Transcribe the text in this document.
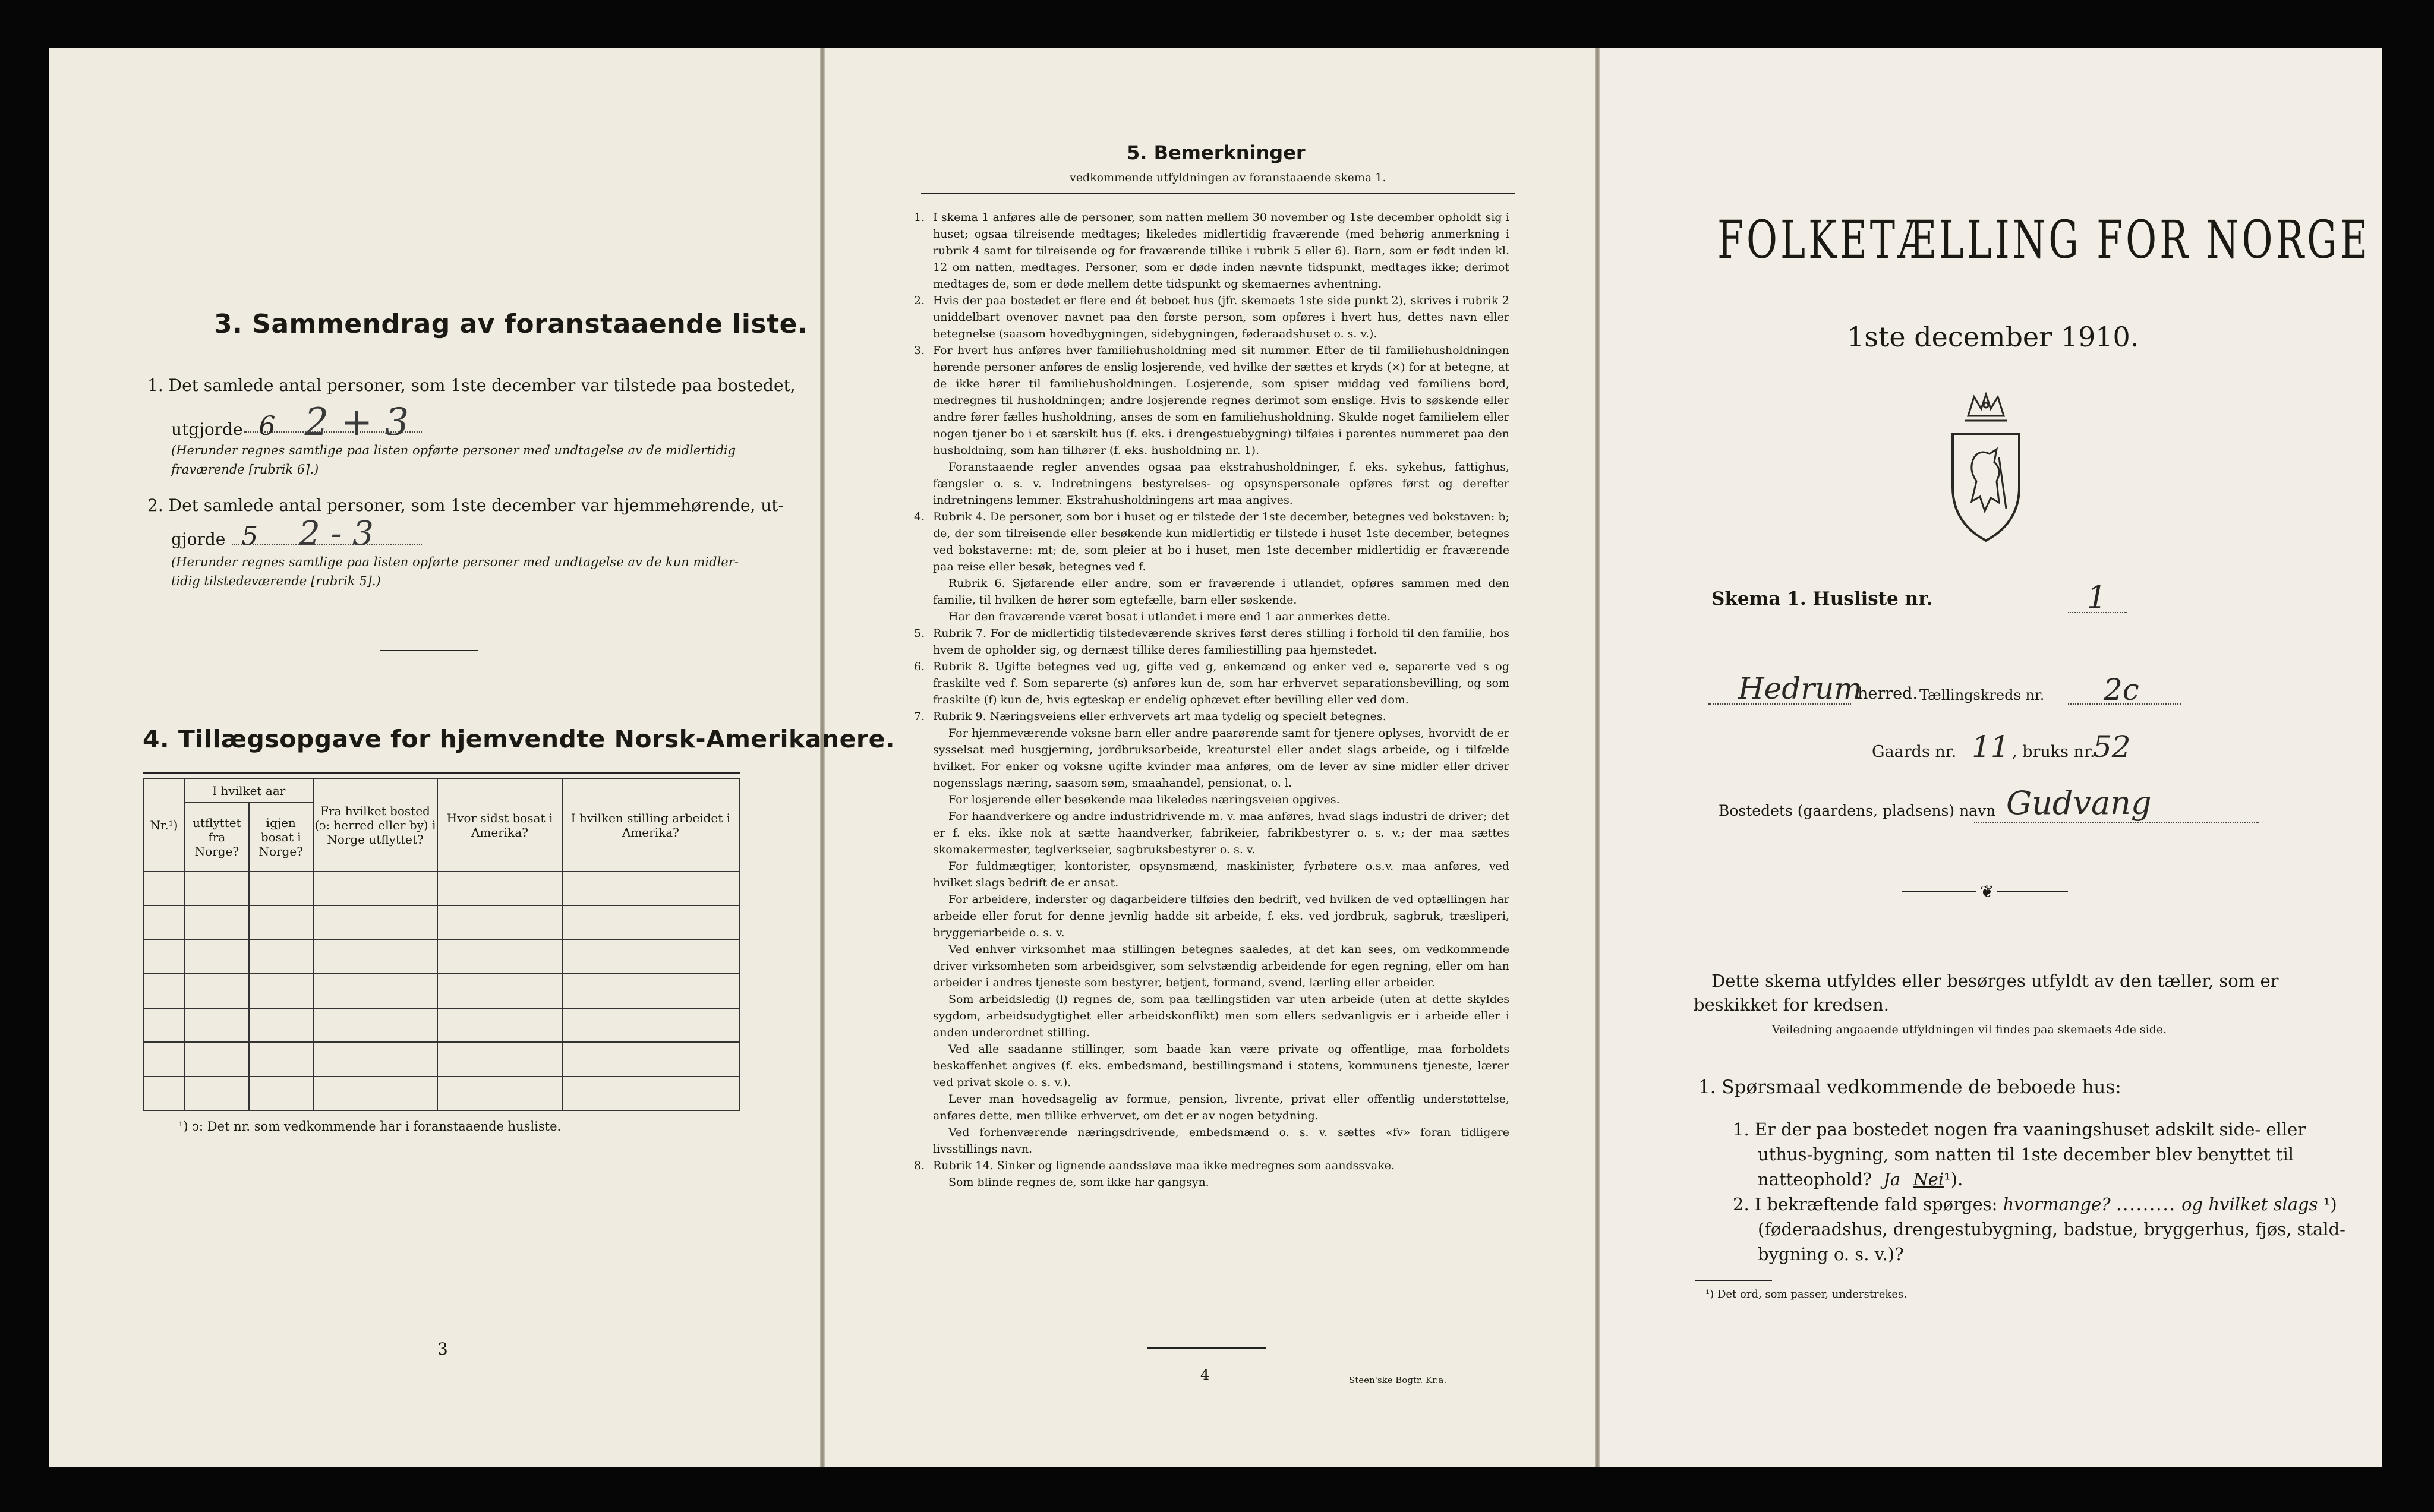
3. Sammendrag av foranstaaende liste.
1. Det samlede antal personer, som 1ste december var tilstede paa bostedet,
utgjorde 6 2 + 3
(Herunder regnes samtlige paa listen opførte personer med undtagelse av de midlertidig
fraværende [rubrik 6].)
2. Det samlede antal personer, som 1ste december var hjemmehørende, ut-
gjorde 5 2 - 3
(Herunder regnes samtlige paa listen opførte personer med undtagelse av de kun midler-
tidig tilstedeværende [rubrik 5].)
4. Tillægsopgave for hjemvendte Norsk-Amerikanere.
Nr.¹)	I hvilket aar		Fra hvilket bosted (ↄ: herred eller by) i Norge utflyttet?	Hvor sidst bosat i Amerika?	I hvilken stilling arbeidet i Amerika?
	utflyttet fra Norge?	igjen bosat i Norge?			

¹) ↄ: Det nr. som vedkommende har i foranstaaende husliste.
3
5. Bemerkninger
vedkommende utfyldningen av foranstaaende skema 1.

1. I skema 1 anføres alle de personer, som natten mellem 30 november og 1ste december opholdt sig i huset; ogsaa tilreisende medtages; likeledes midlertidig fraværende (med behørig anmerkning i rubrik 4 samt for tilreisende og for fraværende tillike i rubrik 5 eller 6). Barn, som er født inden kl. 12 om natten, medtages. Personer, som er døde inden nævnte tidspunkt, medtages ikke; derimot medtages de, som er døde mellem dette tidspunkt og skemaernes avhentning.

2. Hvis der paa bostedet er flere end ét beboet hus (jfr. skemaets 1ste side punkt 2), skrives i rubrik 2 uniddelbart ovenover navnet paa den første person, som opføres i hvert hus, dettes navn eller betegnelse (saasom hovedbygningen, sidebygningen, føderaadshuset o. s. v.).

3. For hvert hus anføres hver familiehusholdning med sit nummer. Efter de til familiehusholdningen hørende personer anføres de enslig losjerende, ved hvilke der sættes et kryds (×) for at betegne, at de ikke hører til familiehusholdningen. Losjerende, som spiser middag ved familiens bord, medregnes til husholdningen; andre losjerende regnes derimot som enslige. Hvis to søskende eller andre fører fælles husholdning, anses de som en familiehusholdning. Skulde noget familielem eller nogen tjener bo i et særskilt hus (f. eks. i drengestuebygning) tilføies i parentes nummeret paa den husholdning, som han tilhører (f. eks. husholdning nr. 1).

Foranstaaende regler anvendes ogsaa paa ekstrahusholdninger, f. eks. sykehus, fattighus, fængsler o. s. v. Indretningens bestyrelses- og opsynspersonale opføres først og derefter indretningens lemmer. Ekstrahusholdningens art maa angives.

4. Rubrik 4. De personer, som bor i huset og er tilstede der 1ste december, betegnes ved bokstaven: b; de, der som tilreisende eller besøkende kun midlertidig er tilstede i huset 1ste december, betegnes ved bokstaverne: mt; de, som pleier at bo i huset, men 1ste december midlertidig er fraværende paa reise eller besøk, betegnes ved f.

Rubrik 6. Sjøfarende eller andre, som er fraværende i utlandet, opføres sammen med den familie, til hvilken de hører som egtefælle, barn eller søskende.

Har den fraværende været bosat i utlandet i mere end 1 aar anmerkes dette.

5. Rubrik 7. For de midlertidig tilstedeværende skrives først deres stilling i forhold til den familie, hos hvem de opholder sig, og dernæst tillike deres familiestilling paa hjemstedet.

6. Rubrik 8. Ugifte betegnes ved ug, gifte ved g, enkemænd og enker ved e, separerte ved s og fraskilte ved f. Som separerte (s) anføres kun de, som har erhvervet separationsbevilling, og som fraskilte (f) kun de, hvis egteskap er endelig ophævet efter bevilling eller ved dom.

7. Rubrik 9. Næringsveiens eller erhvervets art maa tydelig og specielt betegnes.

For hjemmeværende voksne barn eller andre paarørende samt for tjenere oplyses, hvorvidt de er sysselsat med husgjerning, jordbruksarbeide, kreaturstel eller andet slags arbeide, og i tilfælde hvilket. For enker og voksne ugifte kvinder maa anføres, om de lever av sine midler eller driver nogensslags næring, saasom søm, smaahandel, pensionat, o. l.

For losjerende eller besøkende maa likeledes næringsveien opgives.

For haandverkere og andre industridrivende m. v. maa anføres, hvad slags industri de driver; det er f. eks. ikke nok at sætte haandverker, fabrikeier, fabrikbestyrer o. s. v.; der maa sættes skomakermester, teglverkseier, sagbruksbestyrer o. s. v.

For fuldmægtiger, kontorister, opsynsmænd, maskinister, fyrbøtere o.s.v. maa anføres, ved hvilket slags bedrift de er ansat.

For arbeidere, inderster og dagarbeidere tilføies den bedrift, ved hvilken de ved optællingen har arbeide eller forut for denne jevnlig hadde sit arbeide, f. eks. ved jordbruk, sagbruk, træsliperi, bryggeriarbeide o. s. v.

Ved enhver virksomhet maa stillingen betegnes saaledes, at det kan sees, om vedkommende driver virksomheten som arbeidsgiver, som selvstændig arbeidende for egen regning, eller om han arbeider i andres tjeneste som bestyrer, betjent, formand, svend, lærling eller arbeider.

Som arbeidsledig (l) regnes de, som paa tællingstiden var uten arbeide (uten at dette skyldes sygdom, arbeidsudygtighet eller arbeidskonflikt) men som ellers sedvanligvis er i arbeide eller i anden underordnet stilling.

Ved alle saadanne stillinger, som baade kan være private og offentlige, maa forholdets beskaffenhet angives (f. eks. embedsmand, bestillingsmand i statens, kommunens tjeneste, lærer ved privat skole o. s. v.).

Lever man hovedsagelig av formue, pension, livrente, privat eller offentlig understøttelse, anføres dette, men tillike erhvervet, om det er av nogen betydning.

Ved forhenværende næringsdrivende, embedsmænd o. s. v. sættes «fv» foran tidligere livsstillings navn.

8. Rubrik 14. Sinker og lignende aandssløve maa ikke medregnes som aandssvake.

Som blinde regnes de, som ikke har gangsyn.

4	Steen'ske Bogtr. Kr.a.
FOLKETÆLLING FOR NORGE
1ste december 1910.
Skema 1. Husliste nr.	1
Hedrum
herred. Tællingskreds nr. 2c
Gaards nr. 11 , bruks nr.
52
Bostedets (gaardens, pladsens) navn Gudvang
❦
Dette skema utfyldes eller besørges utfyldt av den tæller, som er
beskikket for kredsen.
Veiledning angaaende utfyldningen vil findes paa skemaets 4de side.
1. Spørsmaal vedkommende de beboede hus:
1. Er der paa bostedet nogen fra vaaningshuset adskilt side- eller
uthus-bygning, som natten til 1ste december blev benyttet til
natteophold? Ja Nei¹).
2. I bekræftende fald spørges: hvormange? ......... og hvilket slags ¹)
(føderaadshus, drengestubygning, badstue, bryggerhus, fjøs, stald-
bygning o. s. v.)?
¹) Det ord, som passer, understrekes.
